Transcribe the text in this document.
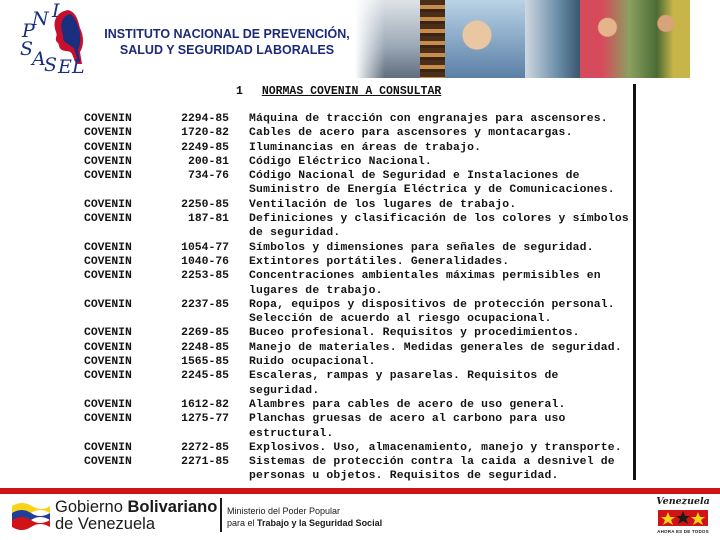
N I
P
S
A
S E L
INSTITUTO NACIONAL DE PREVENCIÓN,
SALUD Y SEGURIDAD LABORALES
1 NORMAS COVENIN A CONSULTAR
COVENIN	2294-85	Máquina de tracción con engranajes para ascensores.
COVENIN	1720-82	Cables de acero para ascensores y montacargas.
COVENIN	2249-85	Iluminancias en áreas de trabajo.
COVENIN	200-81	Código Eléctrico Nacional.
COVENIN	734-76	Código Nacional de Seguridad e Instalaciones de
Suministro de Energía Eléctrica y de Comunicaciones.
COVENIN	2250-85	Ventilación de los lugares de trabajo.
COVENIN	187-81	Definiciones y clasificación de los colores y símbolos
de seguridad.
COVENIN	1054-77	Símbolos y dimensiones para señales de seguridad.
COVENIN	1040-76	Extintores portátiles. Generalidades.
COVENIN	2253-85	Concentraciones ambientales máximas permisibles en
lugares de trabajo.
COVENIN	2237-85	Ropa, equipos y dispositivos de protección personal.
Selección de acuerdo al riesgo ocupacional.
COVENIN	2269-85	Buceo profesional. Requisitos y procedimientos.
COVENIN	2248-85	Manejo de materiales. Medidas generales de seguridad.
COVENIN	1565-85	Ruido ocupacional.
COVENIN	2245-85	Escaleras, rampas y pasarelas. Requisitos de seguridad.
COVENIN	1612-82	Alambres para cables de acero de uso general.
COVENIN	1275-77	Planchas gruesas de acero al carbono para uso
estructural.
COVENIN	2272-85	Explosivos. Uso, almacenamiento, manejo y transporte.
COVENIN	2271-85	Sistemas de protección contra la caida a desnivel de
personas u objetos. Requisitos de seguridad.
Gobierno Bolivariano
de Venezuela
Ministerio del Poder Popular
para el Trabajo y la Seguridad Social
Venezuela
AHORA ES DE TODOS
